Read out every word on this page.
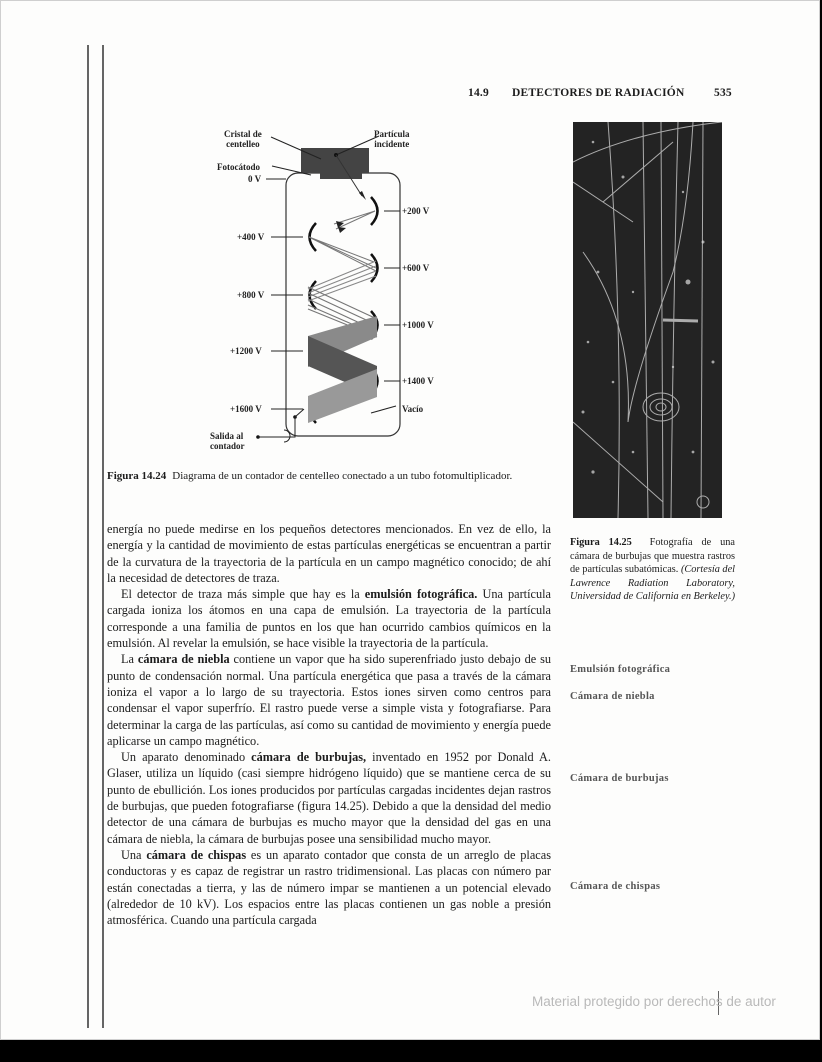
14.9 DETECTORES DE RADIACIÓN	535
Cristal de
centelleo
Partícula
incidente
Fotocátodo
0 V
+200 V
+400 V
+600 V
+800 V
+1000 V
+1200 V
+1400 V
+1600 V	Vacío
Salida al
contador
Figura 14.24 Diagrama de un contador de centelleo conectado a un tubo fotomultiplicador.
Figura 14.25 Fotografía de una cámara de burbujas que muestra rastros de partículas subatómicas. (Cortesía del Lawrence Radiation Laboratory, Universidad de California en Berkeley.)

energía no puede medirse en los pequeños detectores mencionados. En vez de ello, la energía y la cantidad de movimiento de estas partículas energéticas se encuentran a partir de la curvatura de la trayectoria de la partícula en un campo magnético conocido; de ahí la necesidad de detectores de traza.

El detector de traza más simple que hay es la emulsión fotográfica. Una partícula cargada ioniza los átomos en una capa de emulsión. La trayectoria de la partícula corresponde a una familia de puntos en los que han ocurrido cambios químicos en la emulsión. Al revelar la emulsión, se hace visible la trayectoria de la partícula.

La cámara de niebla contiene un vapor que ha sido superenfriado justo debajo de su punto de condensación normal. Una partícula energética que pasa a través de la cámara ioniza el vapor a lo largo de su trayectoria. Estos iones sirven como centros para condensar el vapor superfrío. El rastro puede verse a simple vista y fotografiarse. Para determinar la carga de las partículas, así como su cantidad de movimiento y energía puede aplicarse un campo magnético.

Un aparato denominado cámara de burbujas, inventado en 1952 por Donald A. Glaser, utiliza un líquido (casi siempre hidrógeno líquido) que se mantiene cerca de su punto de ebullición. Los iones producidos por partículas cargadas incidentes dejan rastros de burbujas, que pueden fotografiarse (figura 14.25). Debido a que la densidad del medio detector de una cámara de burbujas es mucho mayor que la densidad del gas en una cámara de niebla, la cámara de burbujas posee una sensibilidad mucho mayor.

Una cámara de chispas es un aparato contador que consta de un arreglo de placas conductoras y es capaz de registrar un rastro tridimensional. Las placas con número par están conectadas a tierra, y las de número impar se mantienen a un potencial elevado (alrededor de 10 kV). Los espacios entre las placas contienen un gas noble a presión atmosférica. Cuando una partícula cargada

Emulsión fotográfica
Cámara de niebla
Cámara de burbujas
Cámara de chispas
Material protegido por derechos de autor
